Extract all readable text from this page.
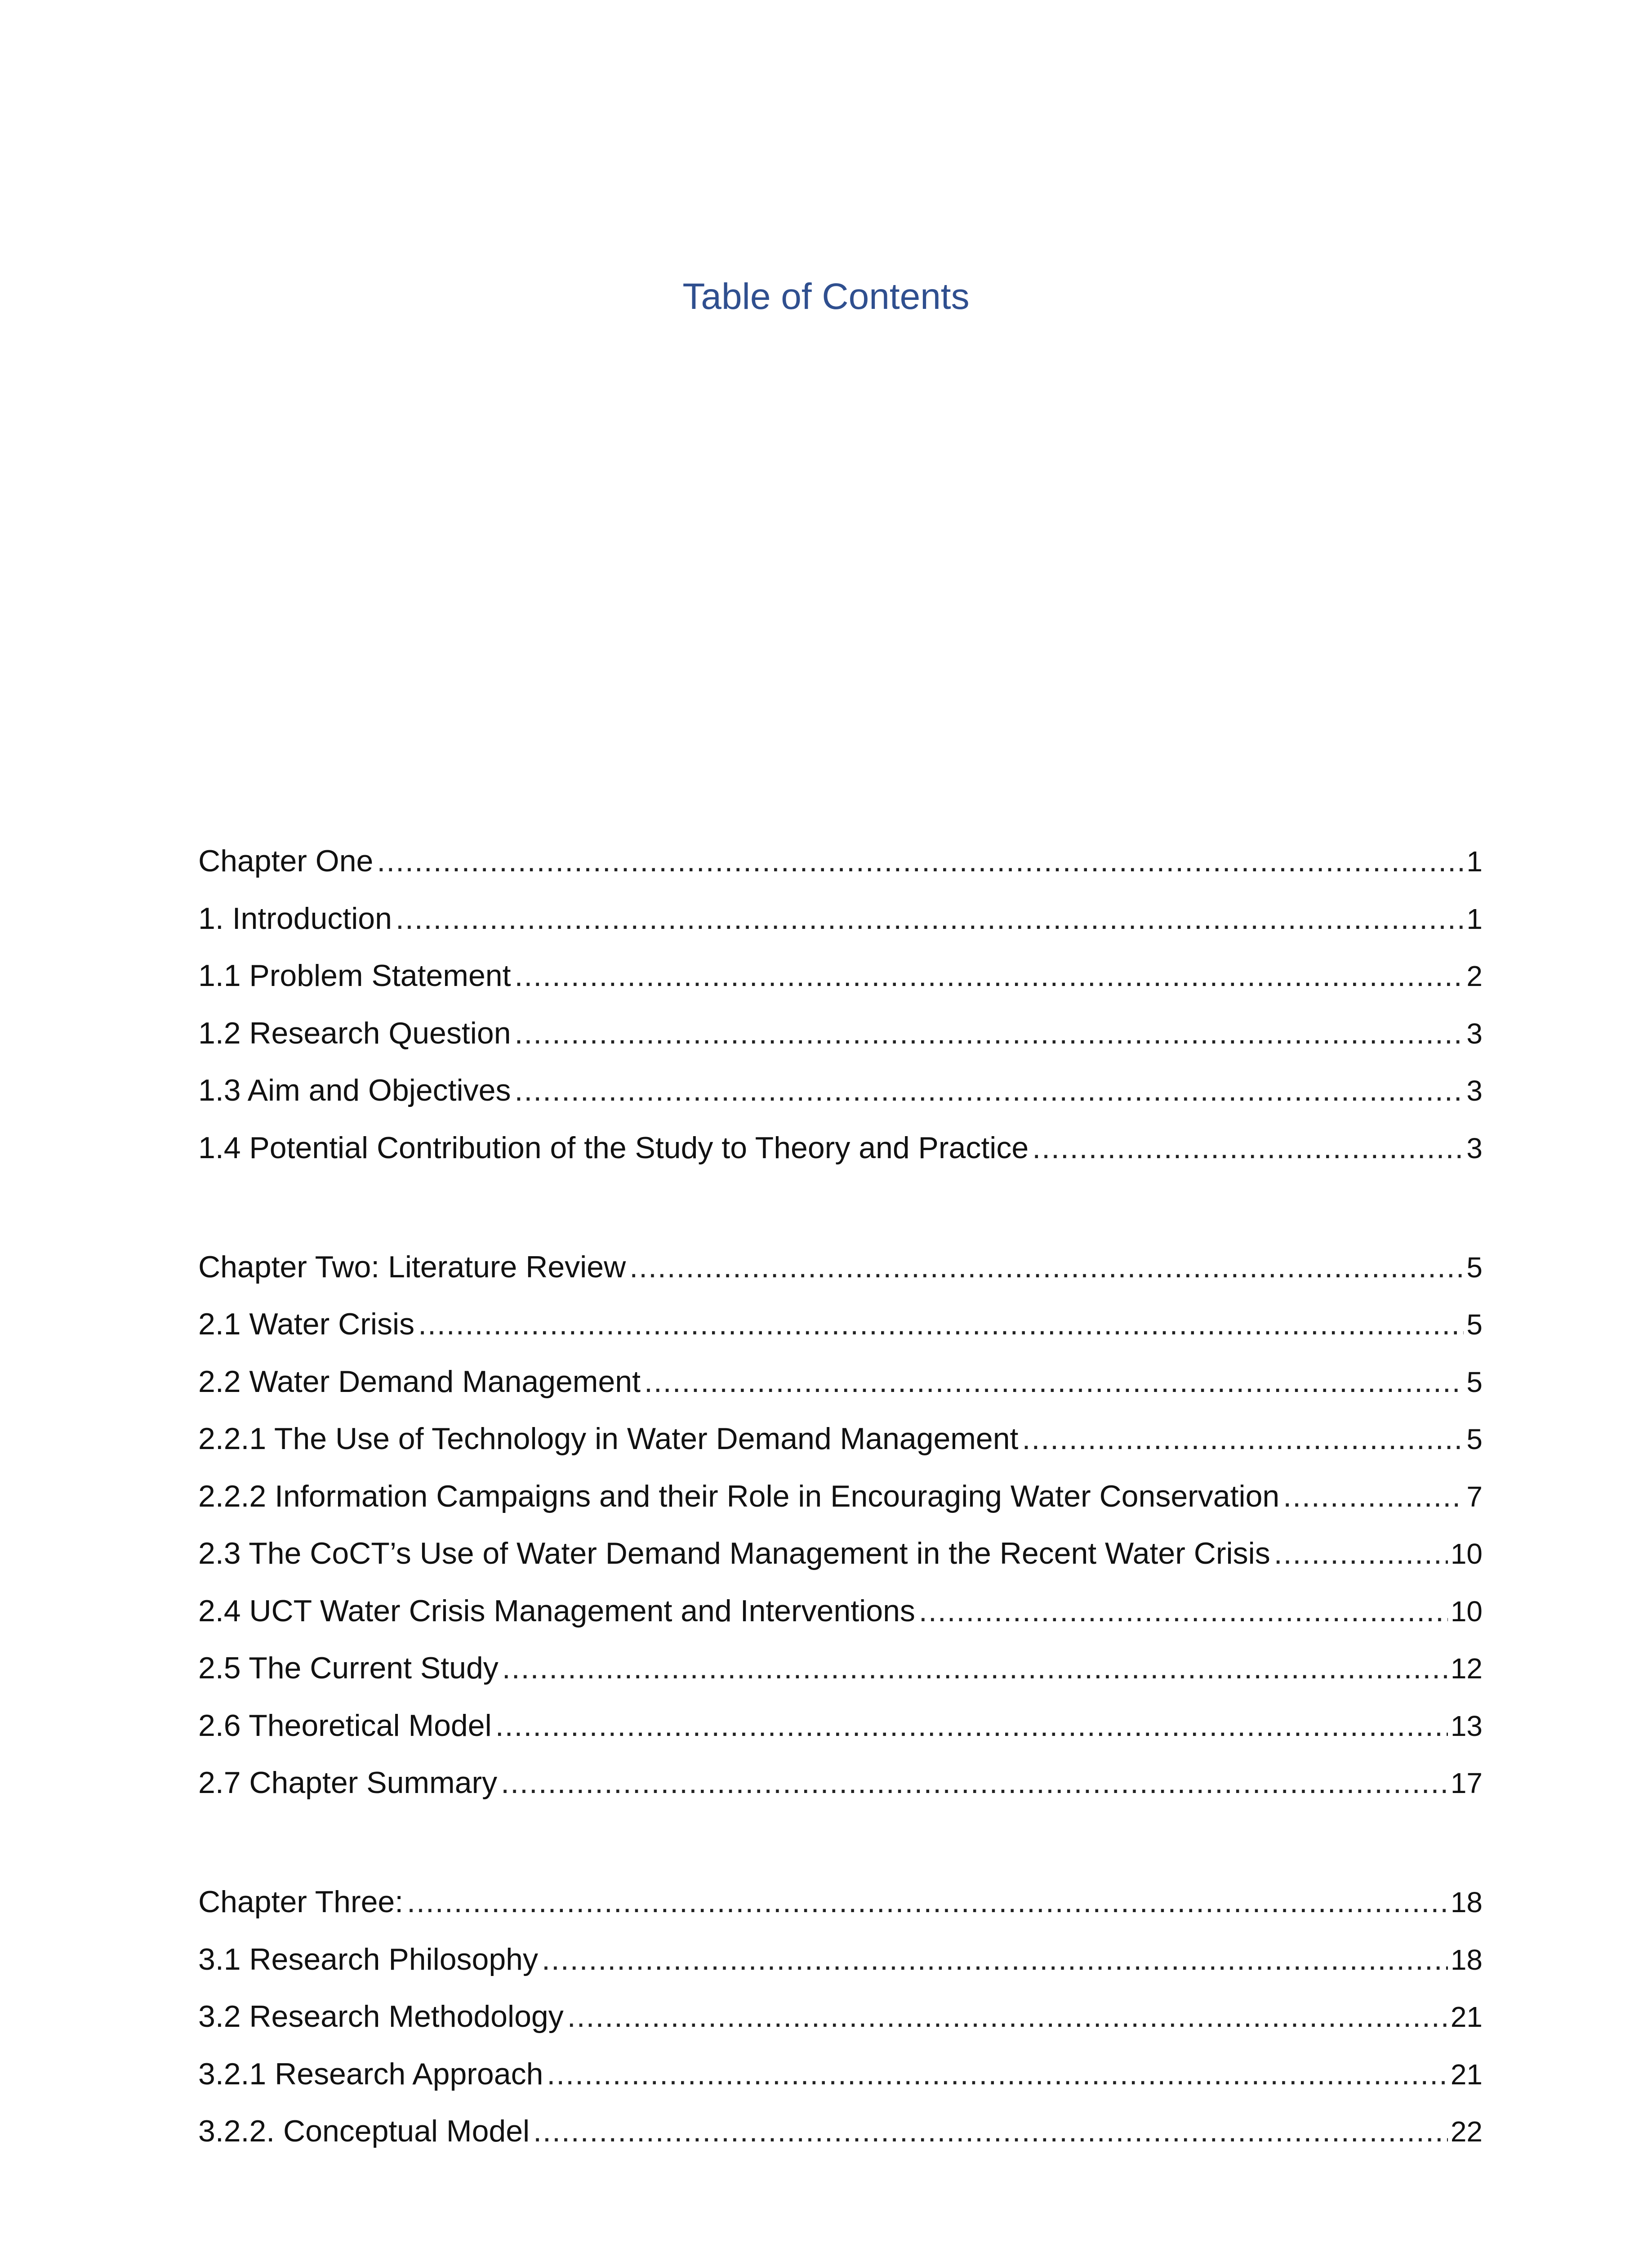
Table of Contents
Chapter One .....	1
1. Introduction .....	1
1.1 Problem Statement .....	2
1.2 Research Question .....	3
1.3 Aim and Objectives .....	3
1.4 Potential Contribution of the Study to Theory and Practice .....	3
Chapter Two: Literature Review .....	5
2.1 Water Crisis .....	5
2.2 Water Demand Management .....	5
2.2.1 The Use of Technology in Water Demand Management .....	5
2.2.2 Information Campaigns and their Role in Encouraging Water Conservation .....	7
2.3 The CoCT’s Use of Water Demand Management in the Recent Water Crisis .....	10
2.4 UCT Water Crisis Management and Interventions .....	10
2.5 The Current Study .....	12
2.6 Theoretical Model .....	13
2.7 Chapter Summary .....	17
Chapter Three: .....	18
3.1 Research Philosophy .....	18
3.2 Research Methodology .....	21
3.2.1 Research Approach .....	21
3.2.2. Conceptual Model .....	22
